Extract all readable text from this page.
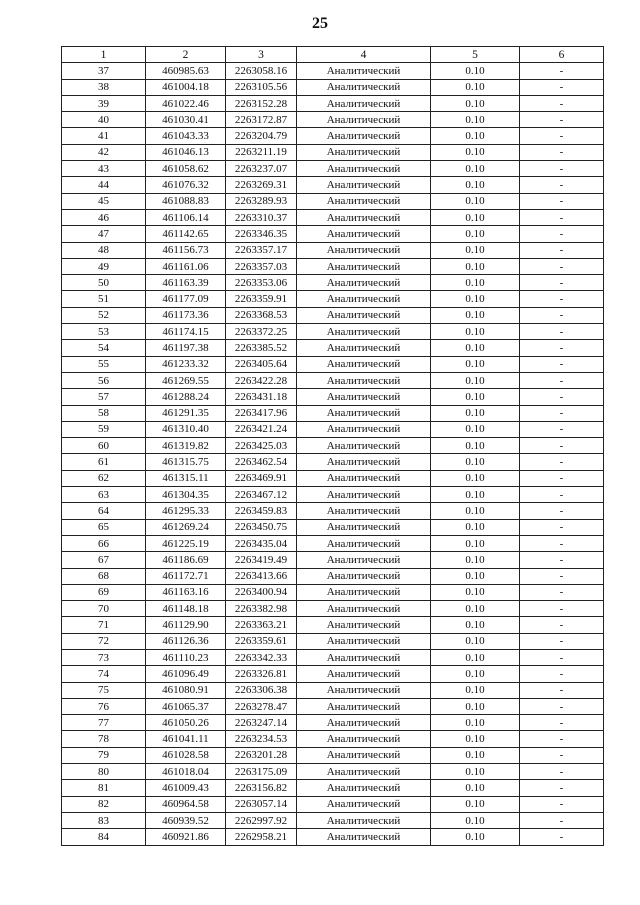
25
1	2	3	4	5	6
37	460985.63	2263058.16	Аналитический	0.10	-
38	461004.18	2263105.56	Аналитический	0.10	-
39	461022.46	2263152.28	Аналитический	0.10	-
40	461030.41	2263172.87	Аналитический	0.10	-
41	461043.33	2263204.79	Аналитический	0.10	-
42	461046.13	2263211.19	Аналитический	0.10	-
43	461058.62	2263237.07	Аналитический	0.10	-
44	461076.32	2263269.31	Аналитический	0.10	-
45	461088.83	2263289.93	Аналитический	0.10	-
46	461106.14	2263310.37	Аналитический	0.10	-
47	461142.65	2263346.35	Аналитический	0.10	-
48	461156.73	2263357.17	Аналитический	0.10	-
49	461161.06	2263357.03	Аналитический	0.10	-
50	461163.39	2263353.06	Аналитический	0.10	-
51	461177.09	2263359.91	Аналитический	0.10	-
52	461173.36	2263368.53	Аналитический	0.10	-
53	461174.15	2263372.25	Аналитический	0.10	-
54	461197.38	2263385.52	Аналитический	0.10	-
55	461233.32	2263405.64	Аналитический	0.10	-
56	461269.55	2263422.28	Аналитический	0.10	-
57	461288.24	2263431.18	Аналитический	0.10	-
58	461291.35	2263417.96	Аналитический	0.10	-
59	461310.40	2263421.24	Аналитический	0.10	-
60	461319.82	2263425.03	Аналитический	0.10	-
61	461315.75	2263462.54	Аналитический	0.10	-
62	461315.11	2263469.91	Аналитический	0.10	-
63	461304.35	2263467.12	Аналитический	0.10	-
64	461295.33	2263459.83	Аналитический	0.10	-
65	461269.24	2263450.75	Аналитический	0.10	-
66	461225.19	2263435.04	Аналитический	0.10	-
67	461186.69	2263419.49	Аналитический	0.10	-
68	461172.71	2263413.66	Аналитический	0.10	-
69	461163.16	2263400.94	Аналитический	0.10	-
70	461148.18	2263382.98	Аналитический	0.10	-
71	461129.90	2263363.21	Аналитический	0.10	-
72	461126.36	2263359.61	Аналитический	0.10	-
73	461110.23	2263342.33	Аналитический	0.10	-
74	461096.49	2263326.81	Аналитический	0.10	-
75	461080.91	2263306.38	Аналитический	0.10	-
76	461065.37	2263278.47	Аналитический	0.10	-
77	461050.26	2263247.14	Аналитический	0.10	-
78	461041.11	2263234.53	Аналитический	0.10	-
79	461028.58	2263201.28	Аналитический	0.10	-
80	461018.04	2263175.09	Аналитический	0.10	-
81	461009.43	2263156.82	Аналитический	0.10	-
82	460964.58	2263057.14	Аналитический	0.10	-
83	460939.52	2262997.92	Аналитический	0.10	-
84	460921.86	2262958.21	Аналитический	0.10	-
